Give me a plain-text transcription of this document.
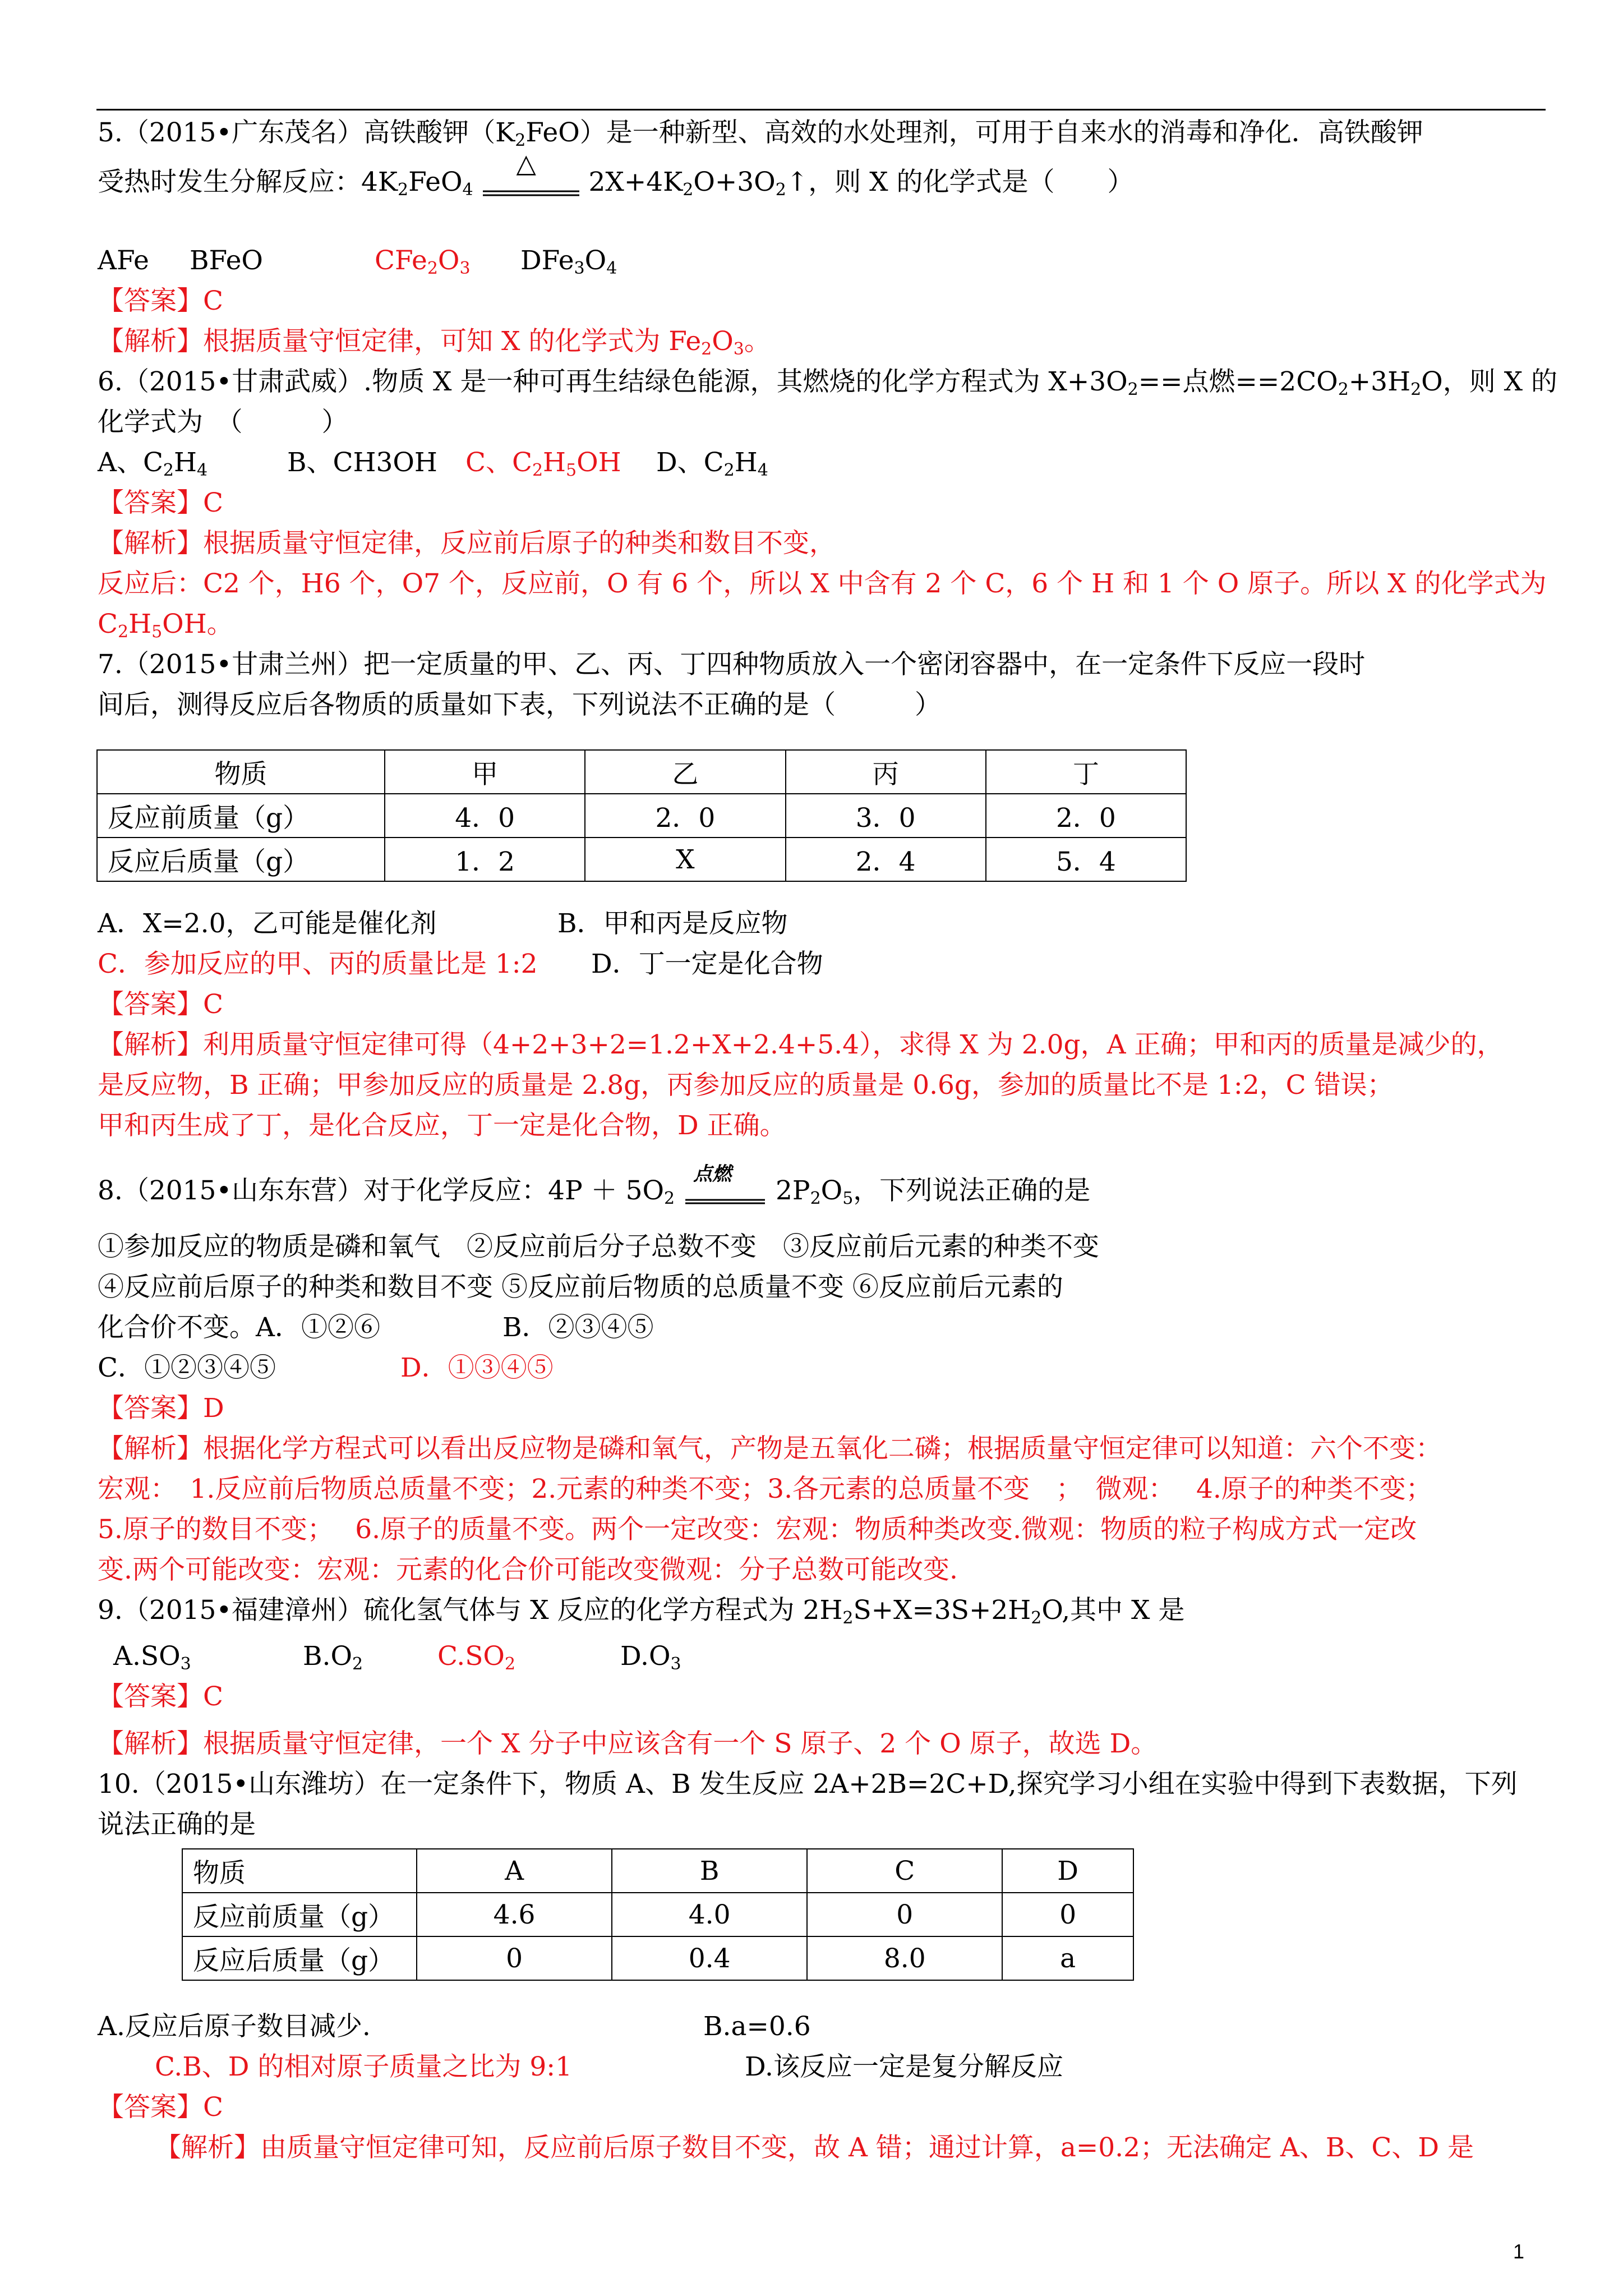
5.（2015•广东茂名）高铁酸钾$(K_2FeO)$是一种新型、高效的水处理剂，可用于自来水的消毒和净化．高铁酸钾
受热时发生分解反应：$4K_2FeO_4$
△
$2X+4K_2O+3O_2↑$，则 X 的化学式是（　　）
AFe BFeO	$CFe_2O_3$ $DFe_3O_4$
【答案】C
【解析】根据质量守恒定律，可知 X 的化学式为 $Fe_2O_3$。
6.（2015•甘肃武威）.物质 X 是一种可再生结绿色能源，其燃烧的化学方程式为 $X+3O_2==$点燃$==2CO_2+3H_2O$，则 X 的
化学式为　（　　　）
A、$C_2H_4$	B、CH3OH C、$C_2H_5OH$ D、$C_2H_4$
【答案】C
【解析】根据质量守恒定律，反应前后原子的种类和数目不变，
反应后：C2 个，H6 个，O7 个，反应前，O 有 6 个，所以 X 中含有 2 个 C，6 个 H 和 1 个 O 原子。所以 X 的化学式为
$C_2H_5OH$。
7.（2015•甘肃兰州）把一定质量的甲、乙、丙、丁四种物质放入一个密闭容器中，在一定条件下反应一段时
间后，测得反应后各物质的质量如下表，下列说法不正确的是（　　　）
物质	甲	乙	丙	丁
反应前质量（g）	4．0	2．0	3．0	2．0
反应后质量（g）	1．2	X	2．4	5．4
A．X=2.0，乙可能是催化剂	B．甲和丙是反应物
C．参加反应的甲、丙的质量比是 1:2 D．丁一定是化合物
【答案】C
【解析】利用质量守恒定律可得（4+2+3+2=1.2+X+2.4+5.4），求得 X 为 2.0g，A 正确；甲和丙的质量是减少的，
是反应物，B 正确；甲参加反应的质量是 2.8g，丙参加反应的质量是 0.6g，参加的质量比不是 1:2，C 错误；
甲和丙生成了丁，是化合反应，丁一定是化合物，D 正确。
8.（2015•山东东营）对于化学反应：$4P + 5O_2$
点燃
$2P_2O_5$，下列说法正确的是
①参加反应的物质是磷和氧气　②反应前后分子总数不变　③反应前后元素的种类不变
④反应前后原子的种类和数目不变 ⑤反应前后物质的总质量不变 ⑥反应前后元素的
化合价不变。A．①②⑥	B．②③④⑤
C．①②③④⑤	D．①③④⑤
【答案】D
【解析】根据化学方程式可以看出反应物是磷和氧气，产物是五氧化二磷；根据质量守恒定律可以知道：六个不变：
宏观：　1.反应前后物质总质量不变；2.元素的种类不变；3.各元素的总质量不变　；　微观：　 4.原子的种类不变；
5.原子的数目不变；　 6.原子的质量不变。两个一定改变：宏观：物质种类改变.微观：物质的粒子构成方式一定改
变.两个可能改变：宏观：元素的化合价可能改变微观：分子总数可能改变.
9.（2015•福建漳州）硫化氢气体与 X 反应的化学方程式为 $2H_2S+X=3S+2H_2O$,其中 X 是
$A.SO_3$	$B.O_2$	$C.SO_2$	$D.O_3$
【答案】C
【解析】根据质量守恒定律，一个 X 分子中应该含有一个 S 原子、2 个 O 原子，故选 D。
10.（2015•山东潍坊）在一定条件下，物质 A、B 发生反应 2A+2B=2C+D,探究学习小组在实验中得到下表数据，下列
说法正确的是
物质	A	B	C	D
反应前质量（g）	4.6	4.0	0	0
反应后质量（g）	0	0.4	8.0	a
A.反应后原子数目减少.	B.a=0.6
C.B、D 的相对原子质量之比为 9:1	D.该反应一定是复分解反应
【答案】C
【解析】由质量守恒定律可知，反应前后原子数目不变，故 A 错；通过计算，a=0.2；无法确定 A、B、C、D 是
1
